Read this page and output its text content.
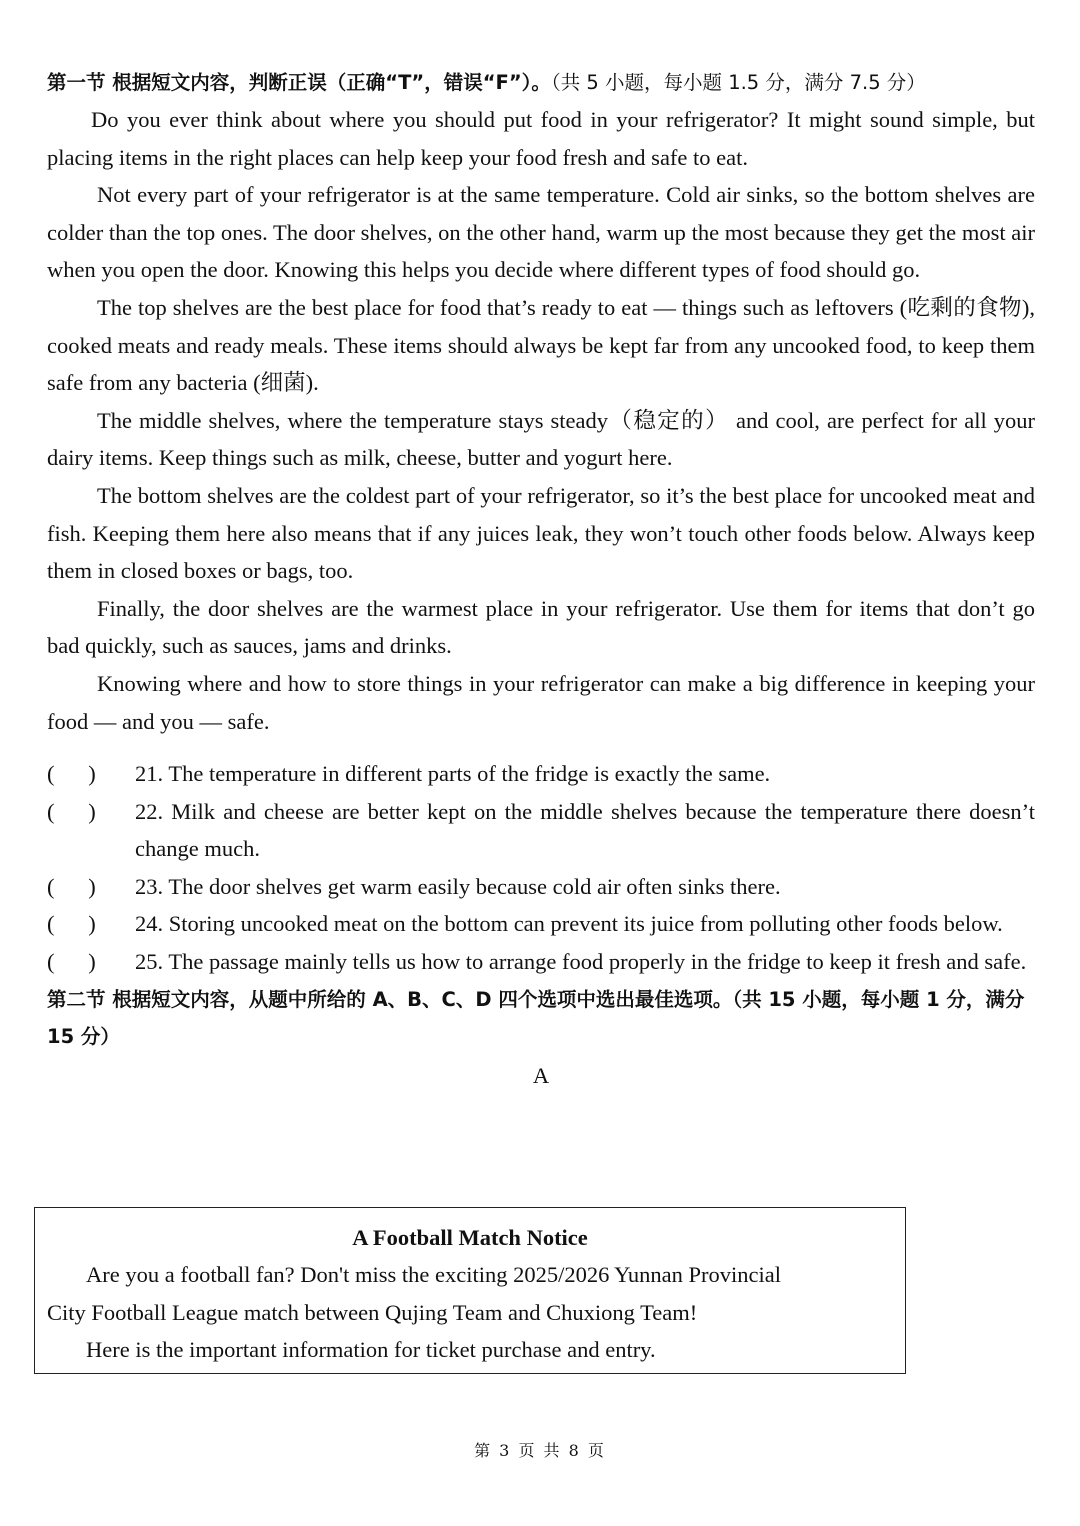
第一节 根据短文内容，判断正误（正确“T”，错误“F”）。（共 5 小题，每小题 1.5 分，满分 7.5 分）

Do you ever think about where you should put food in your refrigerator? It might sound simple, but placing items in the right places can help keep your food fresh and safe to eat.

Not every part of your refrigerator is at the same temperature. Cold air sinks, so the bottom shelves are colder than the top ones. The door shelves, on the other hand, warm up the most because they get the most air when you open the door. Knowing this helps you decide where different types of food should go.

The top shelves are the best place for food that’s ready to eat — things such as leftovers (吃剩的食物), cooked meats and ready meals. These items should always be kept far from any uncooked food, to keep them safe from any bacteria (细菌).

The middle shelves, where the temperature stays steady（稳定的） and cool, are perfect for all your dairy items. Keep things such as milk, cheese, butter and yogurt here.

The bottom shelves are the coldest part of your refrigerator, so it’s the best place for uncooked meat and fish. Keeping them here also means that if any juices leak, they won’t touch other foods below. Always keep them in closed boxes or bags, too.

Finally, the door shelves are the warmest place in your refrigerator. Use them for items that don’t go bad quickly, such as sauces, jams and drinks.

Knowing where and how to store things in your refrigerator can make a big difference in keeping your food — and you — safe.

(      )	21. The temperature in different parts of the fridge is exactly the same.
(      )	22. Milk and cheese are better kept on the middle shelves because the temperature there doesn’t change much.
(      )	23. The door shelves get warm easily because cold air often sinks there.
(      )	24. Storing uncooked meat on the bottom can prevent its juice from polluting other foods below.
(      )	25. The passage mainly tells us how to arrange food properly in the fridge to keep it fresh and safe.
第二节 根据短文内容，从题中所给的 A、B、C、D 四个选项中选出最佳选项。（共 15 小题，每小题 1 分，满分 15 分）
A
A Football Match Notice
Are you a football fan? Don't miss the exciting 2025/2026 Yunnan Provincial
City Football League match between Qujing Team and Chuxiong Team!
Here is the important information for ticket purchase and entry.
第 3 页 共 8 页
